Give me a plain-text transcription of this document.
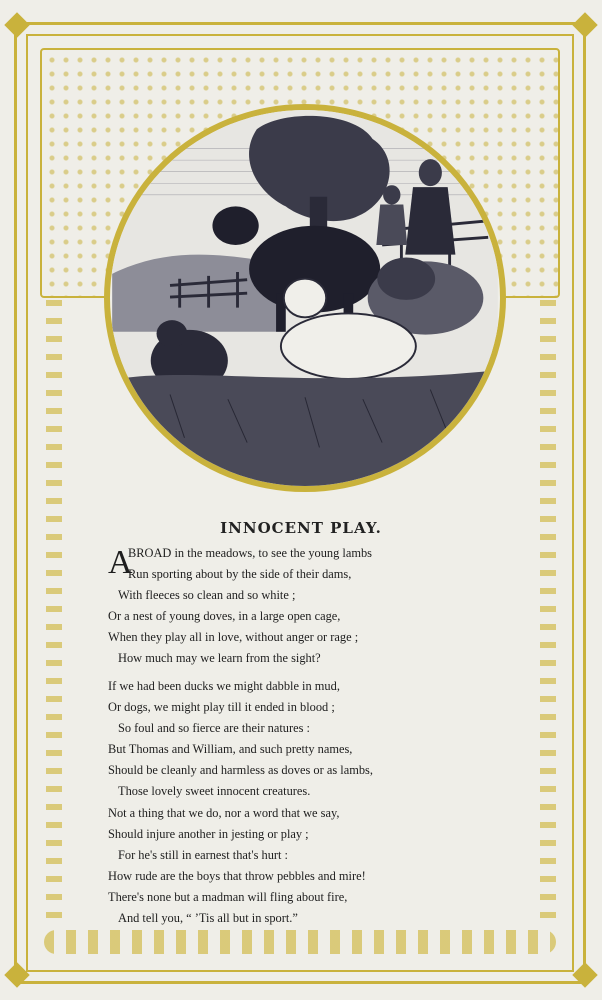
INNOCENT PLAY.
A
BROAD in the meadows, to see the young lambs
Run sporting about by the side of their dams,
With fleeces so clean and so white ;
Or a nest of young doves, in a large open cage,
When they play all in love, without anger or rage ;
How much may we learn from the sight?
If we had been ducks we might dabble in mud,
Or dogs, we might play till it ended in blood ;
So foul and so fierce are their natures :
But Thomas and William, and such pretty names,
Should be cleanly and harmless as doves or as lambs,
Those lovely sweet innocent creatures.
Not a thing that we do, nor a word that we say,
Should injure another in jesting or play ;
For he's still in earnest that's hurt :
How rude are the boys that throw pebbles and mire!
There's none but a madman will fling about fire,
And tell you, “ ’Tis all but in sport.”
